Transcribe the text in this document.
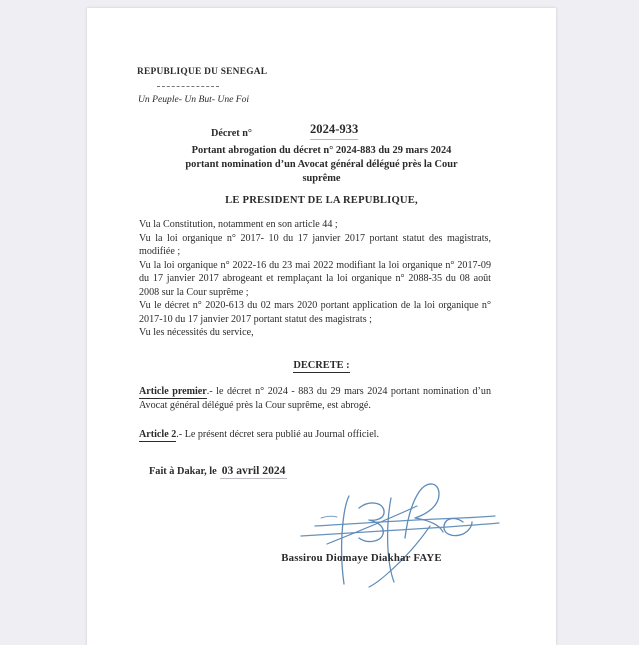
REPUBLIQUE DU SENEGAL
Un Peuple- Un But- Une Foi
Décret n°	2024-933
Portant abrogation du décret n° 2024-883 du 29 mars 2024
portant nomination d’un Avocat général délégué près la Cour
suprême
LE PRESIDENT DE LA REPUBLIQUE,

Vu la Constitution, notamment en son article 44 ;

Vu la loi organique n° 2017- 10 du 17 janvier 2017 portant statut des magistrats, modifiée ;

Vu la loi organique n° 2022-16 du 23 mai 2022 modifiant la loi organique n° 2017-09 du 17 janvier 2017 abrogeant et remplaçant la loi organique n° 2088-35 du 08 août 2008 sur la Cour suprême ;

Vu le décret n° 2020-613 du 02 mars 2020 portant application de la loi organique n° 2017-10 du 17 janvier 2017 portant statut des magistrats ;

Vu les nécessités du service,

DECRETE :
Article premier.- le décret n° 2024 - 883 du 29 mars 2024 portant nomination d’un Avocat général délégué près la Cour suprême, est abrogé.
Article 2.- Le présent décret sera publié au Journal officiel.
Fait à Dakar, le 03 avril 2024
Bassirou Diomaye Diakhar FAYE
